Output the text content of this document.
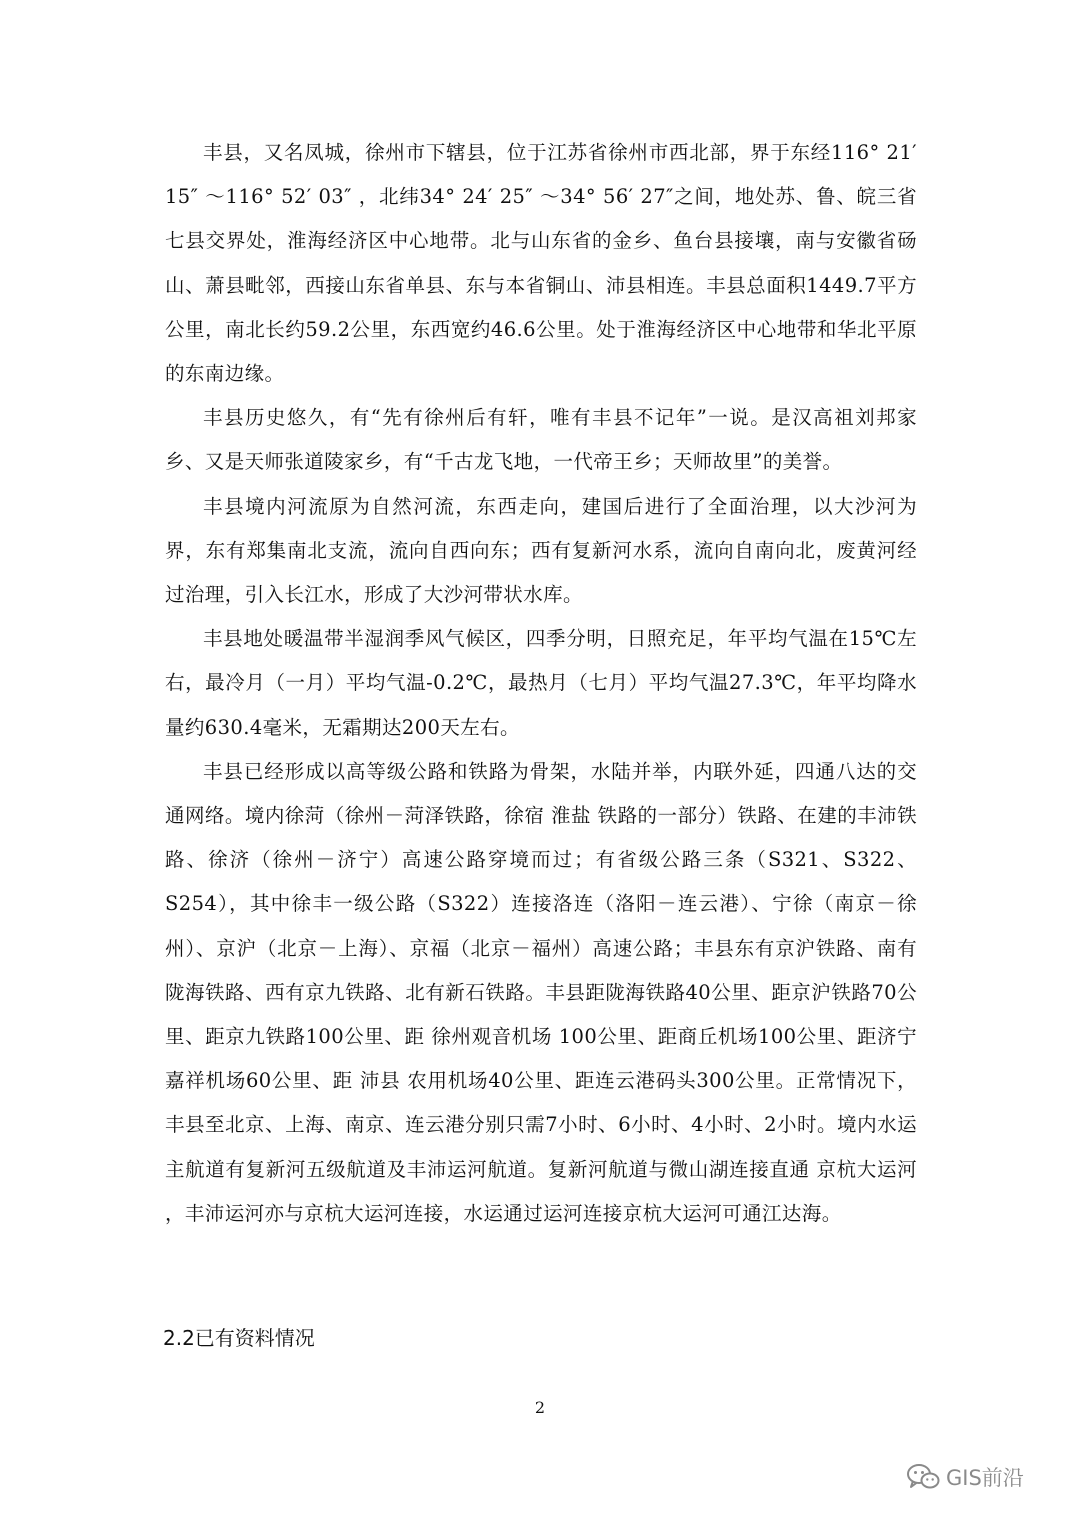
丰县，又名凤城，徐州市下辖县，位于江苏省徐州市西北部，界于东经116° 21′ 15″ ～116° 52′ 03″ ，北纬34° 24′ 25″ ～34° 56′ 27″之间，地处苏、鲁、皖三省七县交界处，淮海经济区中心地带。北与山东省的金乡、鱼台县接壤，南与安徽省砀山、萧县毗邻，西接山东省单县、东与本省铜山、沛县相连。丰县总面积1449.7平方公里，南北长约59.2公里，东西宽约46.6公里。处于淮海经济区中心地带和华北平原的东南边缘。

丰县历史悠久，有“先有徐州后有轩，唯有丰县不记年”一说。是汉高祖刘邦家乡、又是天师张道陵家乡，有“千古龙飞地，一代帝王乡；天师故里”的美誉。

丰县境内河流原为自然河流，东西走向，建国后进行了全面治理，以大沙河为界，东有郑集南北支流，流向自西向东；西有复新河水系，流向自南向北，废黄河经过治理，引入长江水，形成了大沙河带状水库。

丰县地处暖温带半湿润季风气候区，四季分明，日照充足，年平均气温在15℃左右，最冷月（一月）平均气温-0.2℃，最热月（七月）平均气温27.3℃，年平均降水量约630.4毫米，无霜期达200天左右。

丰县已经形成以高等级公路和铁路为骨架，水陆并举，内联外延，四通八达的交通网络。境内徐菏（徐州－菏泽铁路，徐宿 淮盐 铁路的一部分）铁路、在建的丰沛铁路、徐济（徐州－济宁）高速公路穿境而过；有省级公路三条（S321、S322、S254），其中徐丰一级公路（S322）连接洛连（洛阳－连云港）、宁徐（南京－徐州）、京沪（北京－上海）、京福（北京－福州）高速公路；丰县东有京沪铁路、南有陇海铁路、西有京九铁路、北有新石铁路。丰县距陇海铁路40公里、距京沪铁路70公里、距京九铁路100公里、距 徐州观音机场 100公里、距商丘机场100公里、距济宁嘉祥机场60公里、距 沛县 农用机场40公里、距连云港码头300公里。正常情况下，丰县至北京、上海、南京、连云港分别只需7小时、6小时、4小时、2小时。境内水运主航道有复新河五级航道及丰沛运河航道。复新河航道与微山湖连接直通 京杭大运河 ，丰沛运河亦与京杭大运河连接，水运通过运河连接京杭大运河可通江达海。

2.2已有资料情况
2
GIS前沿
